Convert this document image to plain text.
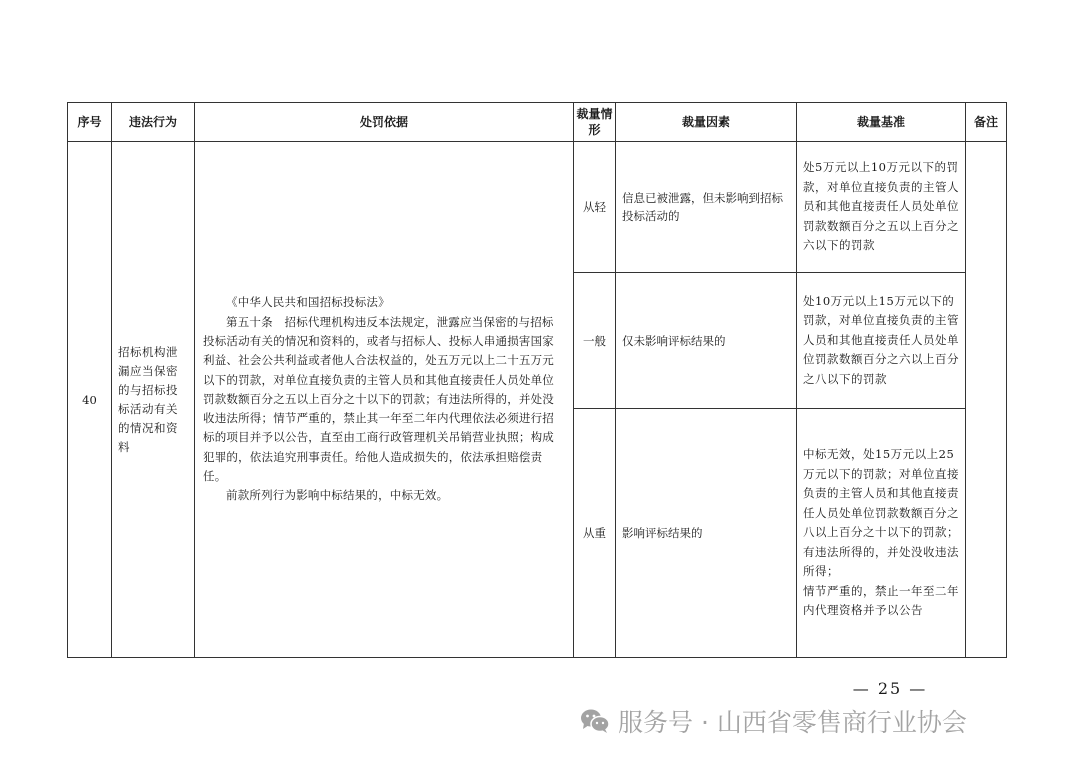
序号	违法行为	处罚依据	裁量情形	裁量因素	裁量基准	备注
40	招标机构泄漏应当保密的与招标投标活动有关的情况和资料	《中华人民共和国招标投标法》

第五十条　招标代理机构违反本法规定，泄露应当保密的与招标投标活动有关的情况和资料的，或者与招标人、投标人串通损害国家利益、社会公共利益或者他人合法权益的，处五万元以上二十五万元以下的罚款，对单位直接负责的主管人员和其他直接责任人员处单位罚款数额百分之五以上百分之十以下的罚款；有违法所得的，并处没收违法所得；情节严重的，禁止其一年至二年内代理依法必须进行招标的项目并予以公告，直至由工商行政管理机关吊销营业执照；构成犯罪的，依法追究刑事责任。给他人造成损失的，依法承担赔偿责任。

前款所列行为影响中标结果的，中标无效。	从轻	信息已被泄露，但未影响到招标投标活动的	处5万元以上10万元以下的罚款，对单位直接负责的主管人员和其他直接责任人员处单位罚款数额百分之五以上百分之六以下的罚款	

			一般	仅未影响评标结果的	处10万元以上15万元以下的罚款，对单位直接负责的主管人员和其他直接责任人员处单位罚款数额百分之六以上百分之八以下的罚款	

			从重	影响评标结果的	中标无效，处15万元以上25万元以下的罚款；对单位直接负责的主管人员和其他直接责任人员处单位罚款数额百分之八以上百分之十以下的罚款；
有违法所得的，并处没收违法所得；
情节严重的，禁止一年至二年内代理资格并予以公告	
— 25 —
服务号 · 山西省零售商行业协会
